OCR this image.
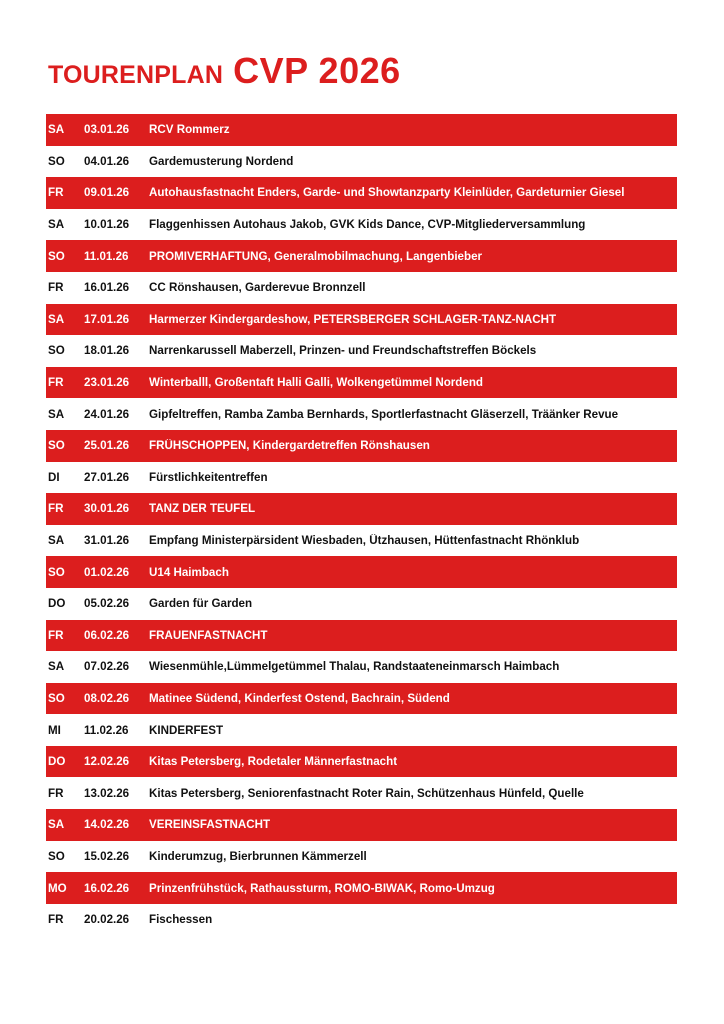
TOURENPLAN CVP 2026
SA	03.01.26	RCV Rommerz
SO	04.01.26	Gardemusterung Nordend
FR	09.01.26	Autohausfastnacht Enders, Garde- und Showtanzparty Kleinlüder, Gardeturnier Giesel
SA	10.01.26	Flaggenhissen Autohaus Jakob, GVK Kids Dance, CVP-Mitgliederversammlung
SO	11.01.26	PROMIVERHAFTUNG, Generalmobilmachung, Langenbieber
FR	16.01.26	CC Rönshausen, Garderevue Bronnzell
SA	17.01.26	Harmerzer Kindergardeshow, PETERSBERGER SCHLAGER-TANZ-NACHT
SO	18.01.26	Narrenkarussell Maberzell, Prinzen- und Freundschaftstreffen Böckels
FR	23.01.26	Winterballl, Großentaft Halli Galli, Wolkengetümmel Nordend
SA	24.01.26	Gipfeltreffen, Ramba Zamba Bernhards, Sportlerfastnacht Gläserzell, Träänker Revue
SO	25.01.26	FRÜHSCHOPPEN, Kindergardetreffen Rönshausen
DI	27.01.26	Fürstlichkeitentreffen
FR	30.01.26	TANZ DER TEUFEL
SA	31.01.26	Empfang Ministerpärsident Wiesbaden, Ützhausen, Hüttenfastnacht Rhönklub
SO	01.02.26	U14 Haimbach
DO	05.02.26	Garden für Garden
FR	06.02.26	FRAUENFASTNACHT
SA	07.02.26	Wiesenmühle,Lümmelgetümmel Thalau, Randstaateneinmarsch Haimbach
SO	08.02.26	Matinee Südend, Kinderfest Ostend, Bachrain, Südend
MI	11.02.26	KINDERFEST
DO	12.02.26	Kitas Petersberg, Rodetaler Männerfastnacht
FR	13.02.26	Kitas Petersberg, Seniorenfastnacht Roter Rain, Schützenhaus Hünfeld, Quelle
SA	14.02.26	VEREINSFASTNACHT
SO	15.02.26	Kinderumzug, Bierbrunnen Kämmerzell
MO	16.02.26	Prinzenfrühstück, Rathaussturm, ROMO-BIWAK, Romo-Umzug
FR	20.02.26	Fischessen
